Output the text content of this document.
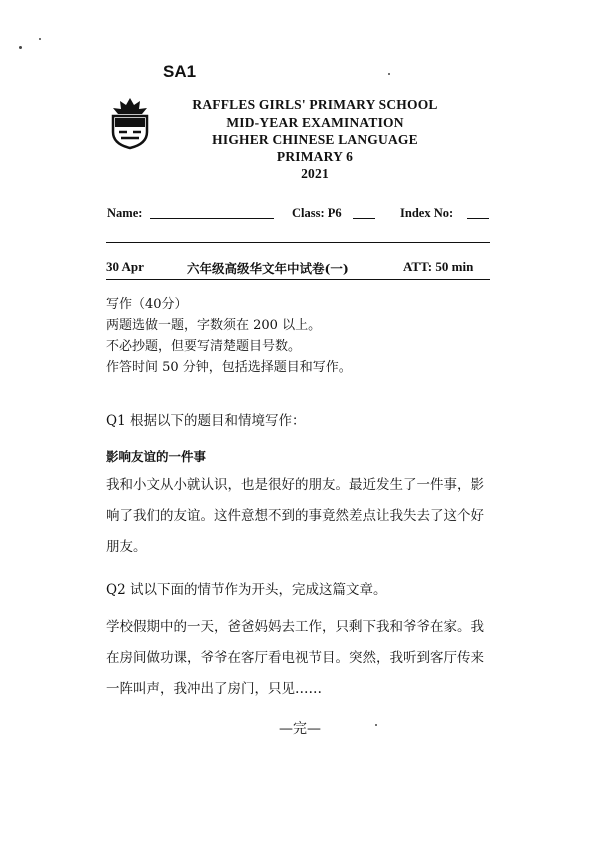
SA1
RAFFLES GIRLS' PRIMARY SCHOOL
MID-YEAR EXAMINATION
HIGHER CHINESE LANGUAGE
PRIMARY 6
2021
Name:	Class: P6	Index No:
30 Apr	六年级高级华文年中试卷(一)	ATT: 50 min
写作（40分）
两题选做一题，字数须在 200 以上。
不必抄题，但要写清楚题目号数。
作答时间 50 分钟，包括选择题目和写作。
Q1 根据以下的题目和情境写作：
影响友谊的一件事
我和小文从小就认识，也是很好的朋友。最近发生了一件事，影响了我们的友谊。这件意想不到的事竟然差点让我失去了这个好朋友。
Q2 试以下面的情节作为开头，完成这篇文章。
学校假期中的一天，爸爸妈妈去工作，只剩下我和爷爷在家。我在房间做功课，爷爷在客厅看电视节目。突然，我听到客厅传来一阵叫声，我冲出了房门，只见……
—完—
